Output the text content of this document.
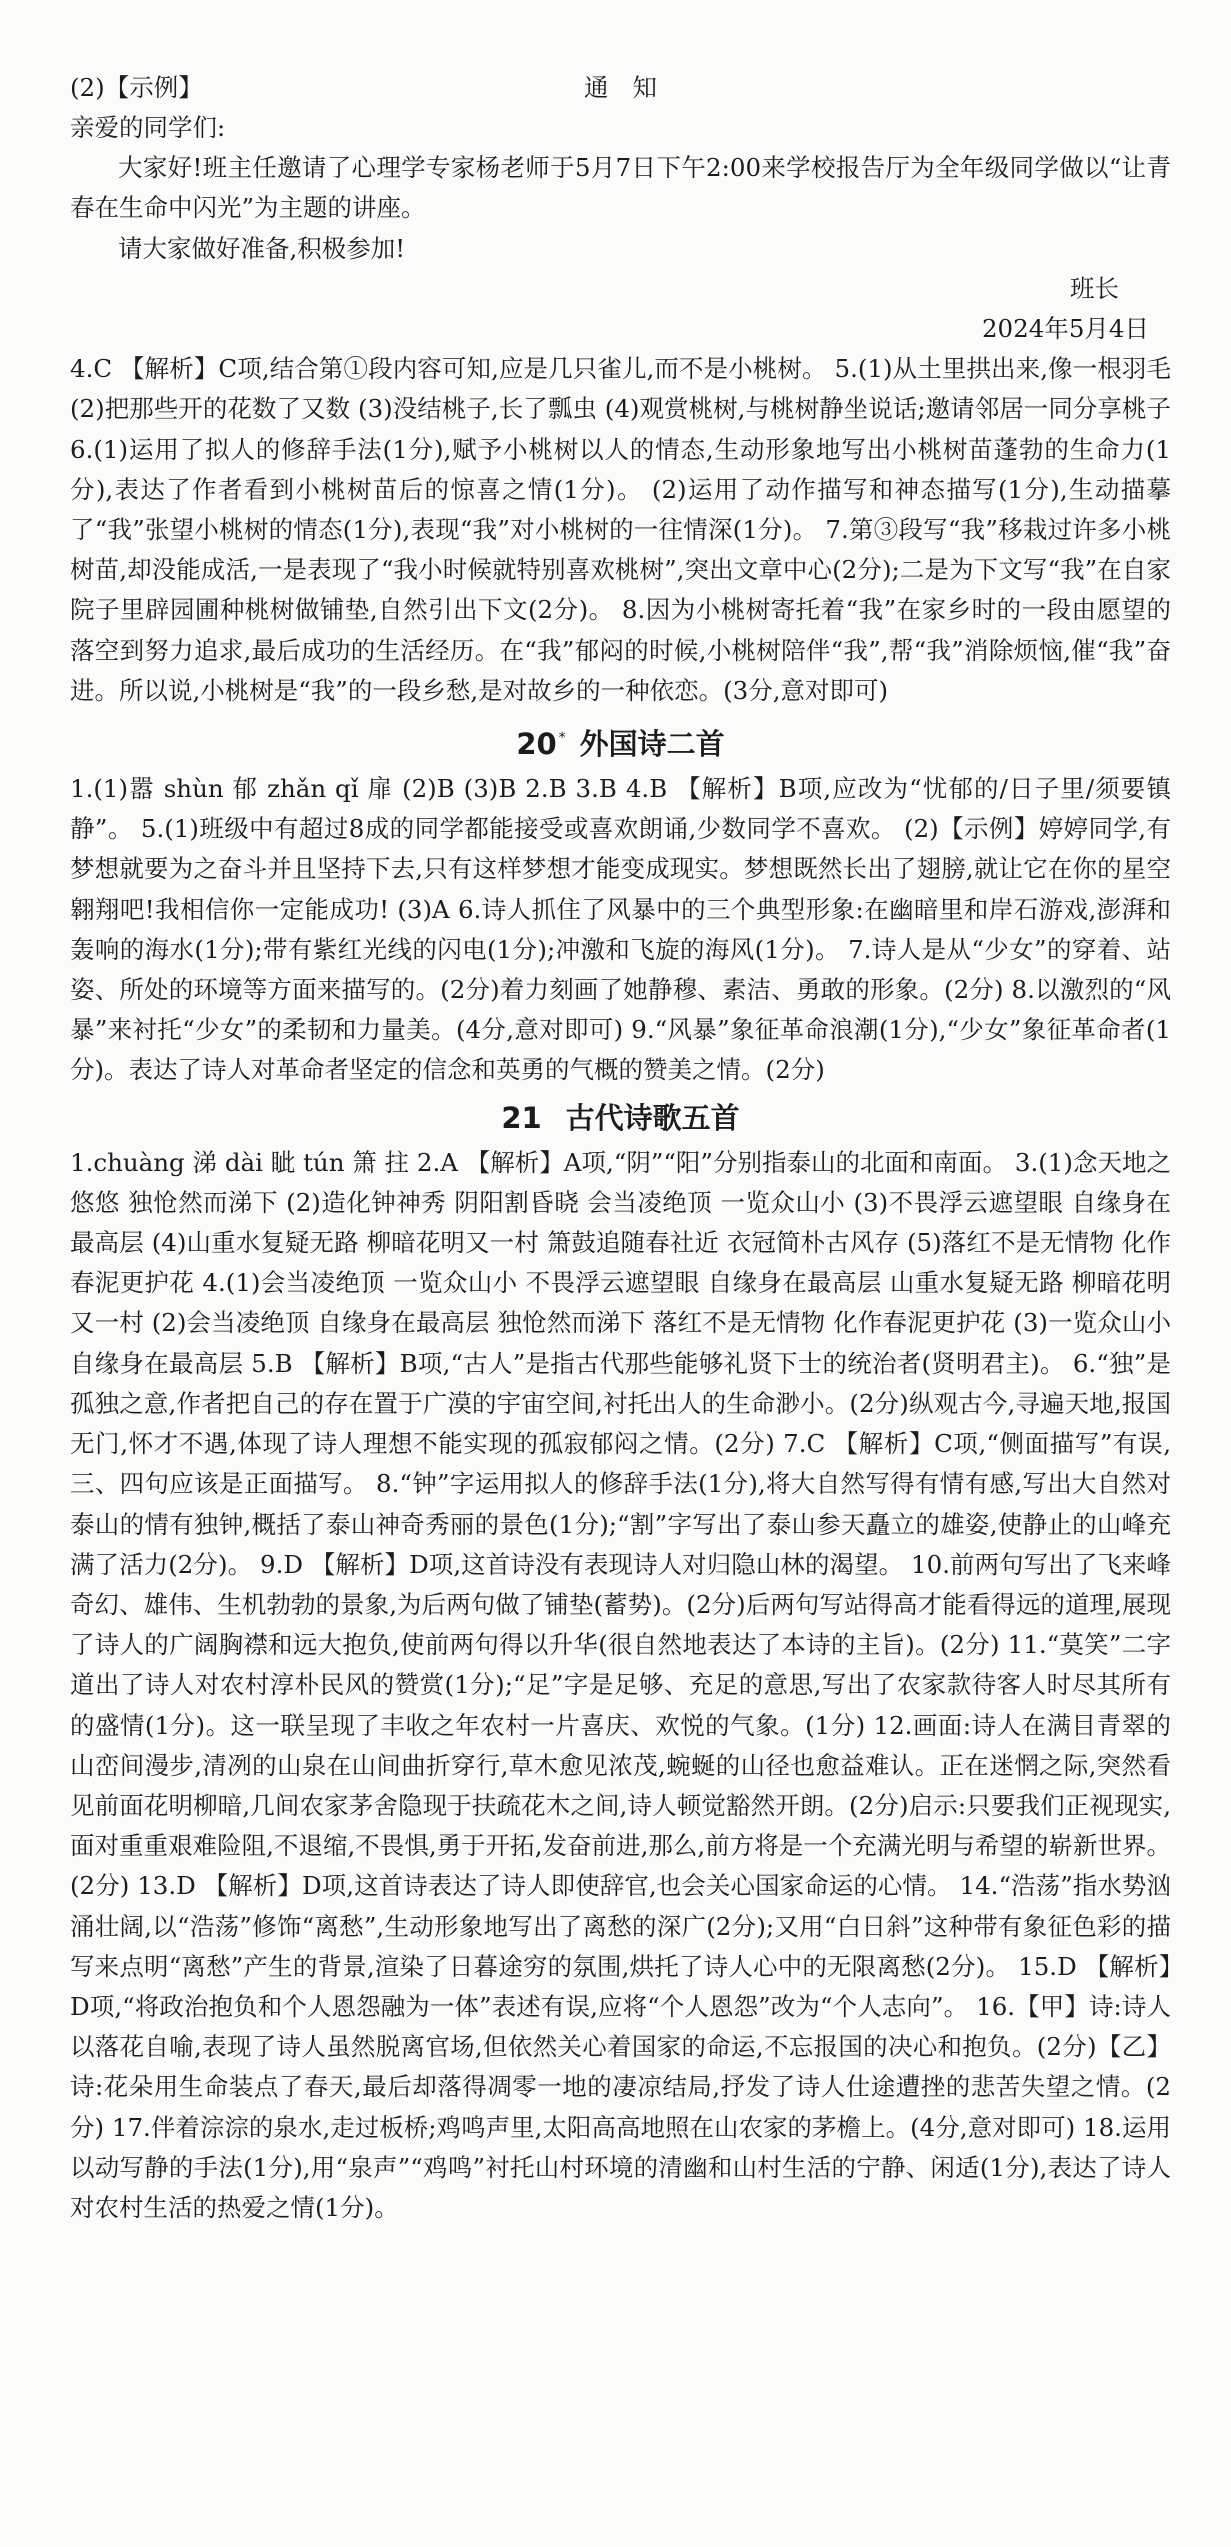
(2)【示例】	通知

亲爱的同学们:

大家好!班主任邀请了心理学专家杨老师于5月7日下午2:00来学校报告厅为全年级同学做以“让青春在生命中闪光”为主题的讲座。

请大家做好准备,积极参加!

班长

2024年5月4日

4.C 【解析】C项,结合第①段内容可知,应是几只雀儿,而不是小桃树。 5.(1)从土里拱出来,像一根羽毛 (2)把那些开的花数了又数 (3)没结桃子,长了瓢虫 (4)观赏桃树,与桃树静坐说话;邀请邻居一同分享桃子 6.(1)运用了拟人的修辞手法(1分),赋予小桃树以人的情态,生动形象地写出小桃树苗蓬勃的生命力(1分),表达了作者看到小桃树苗后的惊喜之情(1分)。 (2)运用了动作描写和神态描写(1分),生动描摹了“我”张望小桃树的情态(1分),表现“我”对小桃树的一往情深(1分)。 7.第③段写“我”移栽过许多小桃树苗,却没能成活,一是表现了“我小时候就特别喜欢桃树”,突出文章中心(2分);二是为下文写“我”在自家院子里辟园圃种桃树做铺垫,自然引出下文(2分)。 8.因为小桃树寄托着“我”在家乡时的一段由愿望的落空到努力追求,最后成功的生活经历。在“我”郁闷的时候,小桃树陪伴“我”,帮“我”消除烦恼,催“我”奋进。所以说,小桃树是“我”的一段乡愁,是对故乡的一种依恋。(3分,意对即可)

20 * 外国诗二首

1.(1)嚣 shùn 郁 zhǎn qǐ 扉 (2)B (3)B 2.B 3.B 4.B 【解析】B项,应改为“忧郁的/日子里/须要镇静”。 5.(1)班级中有超过8成的同学都能接受或喜欢朗诵,少数同学不喜欢。 (2)【示例】婷婷同学,有梦想就要为之奋斗并且坚持下去,只有这样梦想才能变成现实。梦想既然长出了翅膀,就让它在你的星空翱翔吧!我相信你一定能成功! (3)A 6.诗人抓住了风暴中的三个典型形象:在幽暗里和岸石游戏,澎湃和轰响的海水(1分);带有紫红光线的闪电(1分);冲激和飞旋的海风(1分)。 7.诗人是从“少女”的穿着、站姿、所处的环境等方面来描写的。(2分)着力刻画了她静穆、素洁、勇敢的形象。(2分) 8.以激烈的“风暴”来衬托“少女”的柔韧和力量美。(4分,意对即可) 9.“风暴”象征革命浪潮(1分),“少女”象征革命者(1分)。表达了诗人对革命者坚定的信念和英勇的气概的赞美之情。(2分)

21 古代诗歌五首

1.chuàng 涕 dài 眦 tún 箫 拄 2.A 【解析】A项,“阴”“阳”分别指泰山的北面和南面。 3.(1)念天地之悠悠 独怆然而涕下 (2)造化钟神秀 阴阳割昏晓 会当凌绝顶 一览众山小 (3)不畏浮云遮望眼 自缘身在最高层 (4)山重水复疑无路 柳暗花明又一村 箫鼓追随春社近 衣冠简朴古风存 (5)落红不是无情物 化作春泥更护花 4.(1)会当凌绝顶 一览众山小 不畏浮云遮望眼 自缘身在最高层 山重水复疑无路 柳暗花明又一村 (2)会当凌绝顶 自缘身在最高层 独怆然而涕下 落红不是无情物 化作春泥更护花 (3)一览众山小 自缘身在最高层 5.B 【解析】B项,“古人”是指古代那些能够礼贤下士的统治者(贤明君主)。 6.“独”是孤独之意,作者把自己的存在置于广漠的宇宙空间,衬托出人的生命渺小。(2分)纵观古今,寻遍天地,报国无门,怀才不遇,体现了诗人理想不能实现的孤寂郁闷之情。(2分) 7.C 【解析】C项,“侧面描写”有误,三、四句应该是正面描写。 8.“钟”字运用拟人的修辞手法(1分),将大自然写得有情有感,写出大自然对泰山的情有独钟,概括了泰山神奇秀丽的景色(1分);“割”字写出了泰山参天矗立的雄姿,使静止的山峰充满了活力(2分)。 9.D 【解析】D项,这首诗没有表现诗人对归隐山林的渴望。 10.前两句写出了飞来峰奇幻、雄伟、生机勃勃的景象,为后两句做了铺垫(蓄势)。(2分)后两句写站得高才能看得远的道理,展现了诗人的广阔胸襟和远大抱负,使前两句得以升华(很自然地表达了本诗的主旨)。(2分) 11.“莫笑”二字道出了诗人对农村淳朴民风的赞赏(1分);“足”字是足够、充足的意思,写出了农家款待客人时尽其所有的盛情(1分)。这一联呈现了丰收之年农村一片喜庆、欢悦的气象。(1分) 12.画面:诗人在满目青翠的山峦间漫步,清冽的山泉在山间曲折穿行,草木愈见浓茂,蜿蜒的山径也愈益难认。正在迷惘之际,突然看见前面花明柳暗,几间农家茅舍隐现于扶疏花木之间,诗人顿觉豁然开朗。(2分)启示:只要我们正视现实,面对重重艰难险阻,不退缩,不畏惧,勇于开拓,发奋前进,那么,前方将是一个充满光明与希望的崭新世界。(2分) 13.D 【解析】D项,这首诗表达了诗人即使辞官,也会关心国家命运的心情。 14.“浩荡”指水势汹涌壮阔,以“浩荡”修饰“离愁”,生动形象地写出了离愁的深广(2分);又用“白日斜”这种带有象征色彩的描写来点明“离愁”产生的背景,渲染了日暮途穷的氛围,烘托了诗人心中的无限离愁(2分)。 15.D 【解析】D项,“将政治抱负和个人恩怨融为一体”表述有误,应将“个人恩怨”改为“个人志向”。 16.【甲】诗:诗人以落花自喻,表现了诗人虽然脱离官场,但依然关心着国家的命运,不忘报国的决心和抱负。(2分)【乙】诗:花朵用生命装点了春天,最后却落得凋零一地的凄凉结局,抒发了诗人仕途遭挫的悲苦失望之情。(2分) 17.伴着淙淙的泉水,走过板桥;鸡鸣声里,太阳高高地照在山农家的茅檐上。(4分,意对即可) 18.运用以动写静的手法(1分),用“泉声”“鸡鸣”衬托山村环境的清幽和山村生活的宁静、闲适(1分),表达了诗人对农村生活的热爱之情(1分)。
